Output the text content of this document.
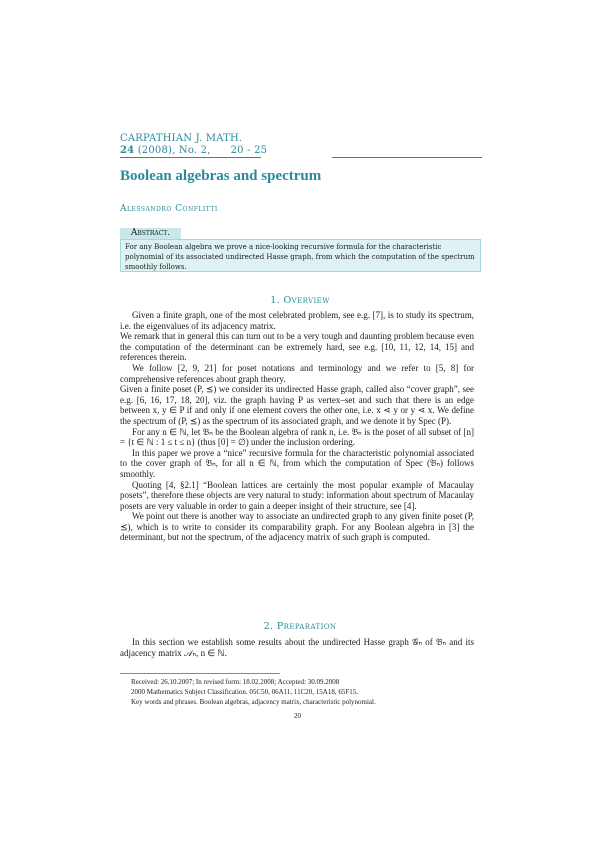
CARPATHIAN J. MATH.
24 (2008), No. 2, 20 - 25
Boolean algebras and spectrum
Alessandro Conflitti
Abstract.
For any Boolean algebra we prove a nice-looking recursive formula for the characteristic polynomial of its associated undirected Hasse graph, from which the computation of the spectrum smoothly follows.
1. Overview

Given a finite graph, one of the most celebrated problem, see e.g. [7], is to study its spectrum, i.e. the eigenvalues of its adjacency matrix.

We remark that in general this can turn out to be a very tough and daunting problem because even the computation of the determinant can be extremely hard, see e.g. [10, 11, 12, 14, 15] and references therein.

We follow [2, 9, 21] for poset notations and terminology and we refer to [5, 8] for comprehensive references about graph theory.

Given a finite poset (P, ⪯) we consider its undirected Hasse graph, called also “cover graph”, see e.g. [6, 16, 17, 18, 20], viz. the graph having P as vertex–set and such that there is an edge between x, y ∈ P if and only if one element covers the other one, i.e. x ⋖ y or y ⋖ x. We define the spectrum of (P, ⪯) as the spectrum of its associated graph, and we denote it by Spec (P).

For any n ∈ ℕ, let 𝔅ₙ be the Boolean algebra of rank n, i.e. 𝔅ₙ is the poset of all subset of [n] = {t ∈ ℕ : 1 ≤ t ≤ n} (thus [0] = ∅) under the inclusion ordering.

In this paper we prove a “nice” recursive formula for the characteristic polynomial associated to the cover graph of 𝔅ₙ, for all n ∈ ℕ, from which the computation of Spec (𝔅ₙ) follows smoothly.

Quoting [4, §2.1] “Boolean lattices are certainly the most popular example of Macaulay posets”, therefore these objects are very natural to study: information about spectrum of Macaulay posets are very valuable in order to gain a deeper insight of their structure, see [4].

We point out there is another way to associate an undirected graph to any given finite poset (P, ⪯), which is to write to consider its comparability graph. For any Boolean algebra in [3] the determinant, but not the spectrum, of the adjacency matrix of such graph is computed.

2. Preparation

In this section we establish some results about the undirected Hasse graph 𝒢ₙ of 𝔅ₙ and its adjacency matrix 𝒜ₙ, n ∈ ℕ.

Received: 26.10.2007; In revised form: 18.02.2008; Accepted: 30.09.2008
2000 Mathematics Subject Classification. 05C50, 06A11, 11C20, 15A18, 65F15.
Key words and phrases. Boolean algebras, adjacency matrix, characteristic polynomial.
20
